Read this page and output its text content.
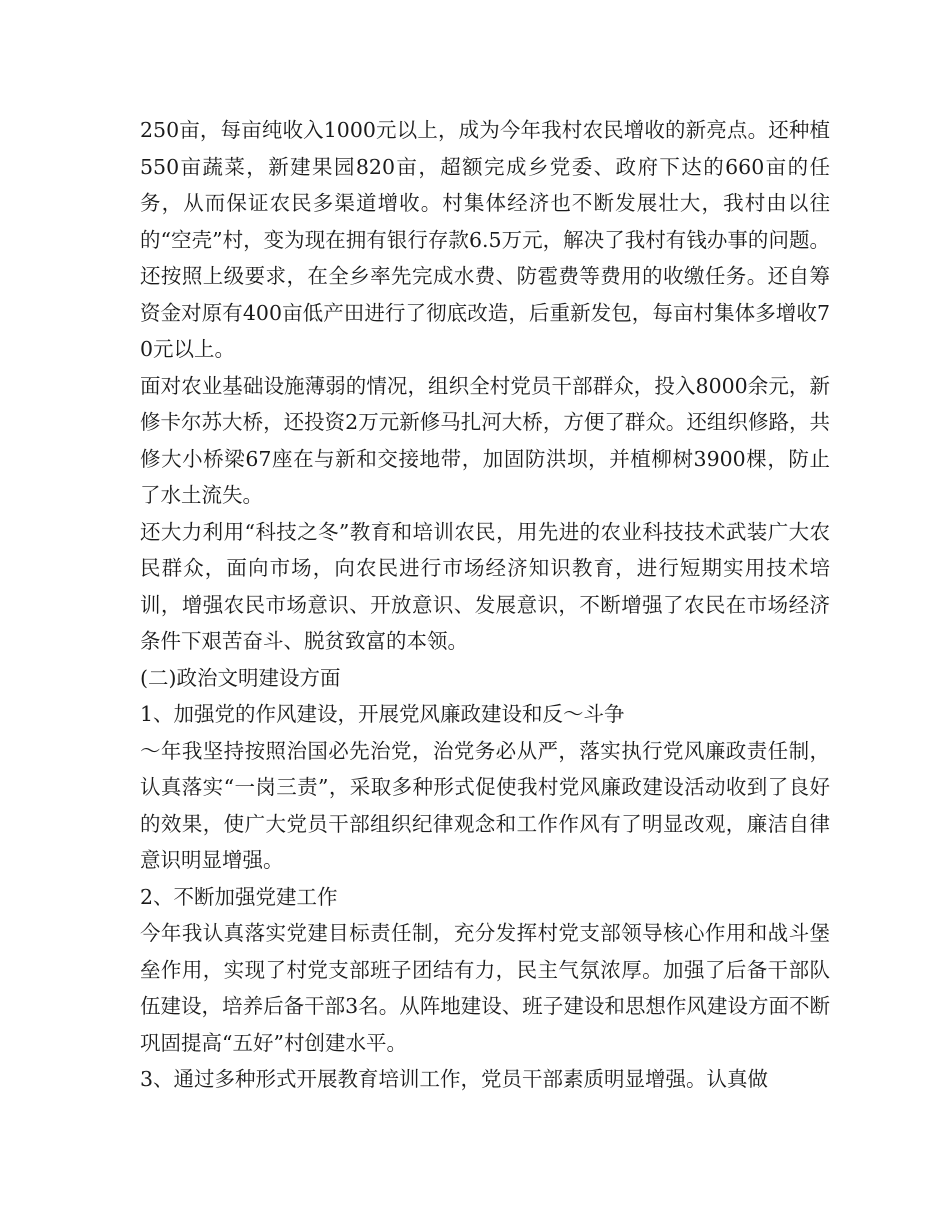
250亩，每亩纯收入1000元以上，成为今年我村农民增收的新亮点。还种植550亩蔬菜，新建果园820亩，超额完成乡党委、政府下达的660亩的任务，从而保证农民多渠道增收。村集体经济也不断发展壮大，我村由以往的“空壳”村，变为现在拥有银行存款6.5万元，解决了我村有钱办事的问题。还按照上级要求，在全乡率先完成水费、防雹费等费用的收缴任务。还自筹资金对原有400亩低产田进行了彻底改造，后重新发包，每亩村集体多增收70元以上。

面对农业基础设施薄弱的情况，组织全村党员干部群众，投入8000余元，新修卡尔苏大桥，还投资2万元新修马扎河大桥，方便了群众。还组织修路，共修大小桥梁67座在与新和交接地带，加固防洪坝，并植柳树3900棵，防止了水土流失。

还大力利用“科技之冬”教育和培训农民，用先进的农业科技技术武装广大农民群众，面向市场，向农民进行市场经济知识教育，进行短期实用技术培训，增强农民市场意识、开放意识、发展意识，不断增强了农民在市场经济条件下艰苦奋斗、脱贫致富的本领。

(二)政治文明建设方面

1、加强党的作风建设，开展党风廉政建设和反～斗争

～年我坚持按照治国必先治党，治党务必从严，落实执行党风廉政责任制，认真落实“一岗三责”，采取多种形式促使我村党风廉政建设活动收到了良好的效果，使广大党员干部组织纪律观念和工作作风有了明显改观，廉洁自律意识明显增强。

2、不断加强党建工作

今年我认真落实党建目标责任制，充分发挥村党支部领导核心作用和战斗堡垒作用，实现了村党支部班子团结有力，民主气氛浓厚。加强了后备干部队伍建设，培养后备干部3名。从阵地建设、班子建设和思想作风建设方面不断巩固提高“五好”村创建水平。

3、通过多种形式开展教育培训工作，党员干部素质明显增强。认真做
